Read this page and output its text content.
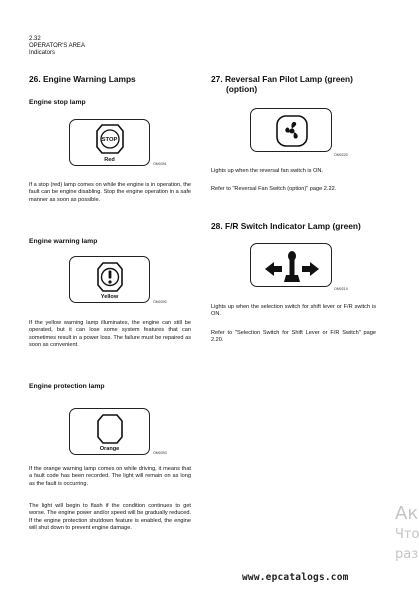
2.32
OPERATOR'S AREA
Indicators
26. Engine Warning Lamps
Engine stop lamp
STOP
Red
OM0391
If a stop (red) lamp comes on while the engine is in operation, the fault can be engine disabling. Stop the engine operation in a safe manner as soon as possible.
Engine warning lamp
Yellow
OM0392
If the yellow warning lamp illuminates, the engine can still be operated, but it can lose some system features that can sometimes result in a power loss. The failure must be repaired as soon as convenient.
Engine protection lamp
Orange
OM0393
If the orange warning lamp comes on while driving, it means that a fault code has been recorded. The light will remain on as long as the fault is occurring.
The light will begin to flash if the condition continues to get worse. The engine power and/or speed will be gradually reduced. If the engine protection shutdown feature is enabled, the engine will shut down to prevent engine damage.
27. Reversal Fan Pilot Lamp (green)
(option)
OM0220
Lights up when the reversal fan switch is ON.
Refer to "Reversal Fan Switch (option)" page 2.22.
28. F/R Switch Indicator Lamp (green)
OM0219
Lights up when the selection switch for shift lever or F/R switch is ON.
Refer to "Selection Switch for Shift Lever or F/R Switch" page 2.20.
Ак
Что
раз
www.epcatalogs.com
